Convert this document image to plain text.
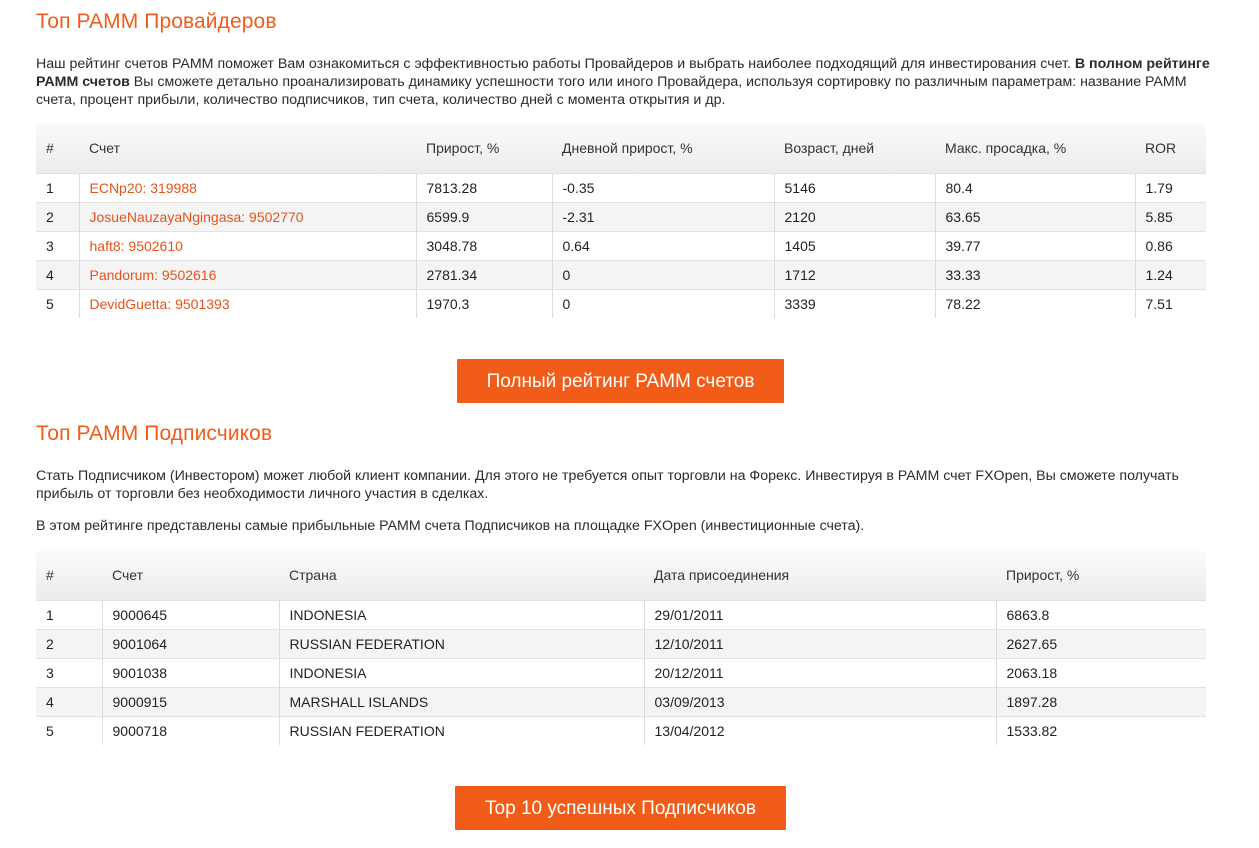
Топ PAMM Провайдеров

Наш рейтинг счетов PAMM поможет Вам ознакомиться с эффективностью работы Провайдеров и выбрать наиболее подходящий для инвестирования счет. В полном рейтинге PAMM счетов Вы сможете детально проанализировать динамику успешности того или иного Провайдера, используя сортировку по различным параметрам: название PAMM счета, процент прибыли, количество подписчиков, тип счета, количество дней с момента открытия и др.

#	Счет	Прирост, %	Дневной прирост, %	Возраст, дней	Макс. просадка, %	ROR
1	ECNp20: 319988	7813.28	-0.35	5146	80.4	1.79
2	JosueNauzayaNgingasa: 9502770	6599.9	-2.31	2120	63.65	5.85
3	haft8: 9502610	3048.78	0.64	1405	39.77	0.86
4	Pandorum: 9502616	2781.34	0	1712	33.33	1.24
5	DevidGuetta: 9501393	1970.3	0	3339	78.22	7.51
Полный рейтинг PAMM счетов
Топ PAMM Подписчиков

Стать Подписчиком (Инвестором) может любой клиент компании. Для этого не требуется опыт торговли на Форекс. Инвестируя в PAMM счет FXOpen, Вы сможете получать прибыль от торговли без необходимости личного участия в сделках.

В этом рейтинге представлены самые прибыльные PAMM счета Подписчиков на площадке FXOpen (инвестиционные счета).

#	Счет	Страна	Дата присоединения	Прирост, %
1	9000645	INDONESIA	29/01/2011	6863.8
2	9001064	RUSSIAN FEDERATION	12/10/2011	2627.65
3	9001038	INDONESIA	20/12/2011	2063.18
4	9000915	MARSHALL ISLANDS	03/09/2013	1897.28
5	9000718	RUSSIAN FEDERATION	13/04/2012	1533.82
Top 10 успешных Подписчиков
